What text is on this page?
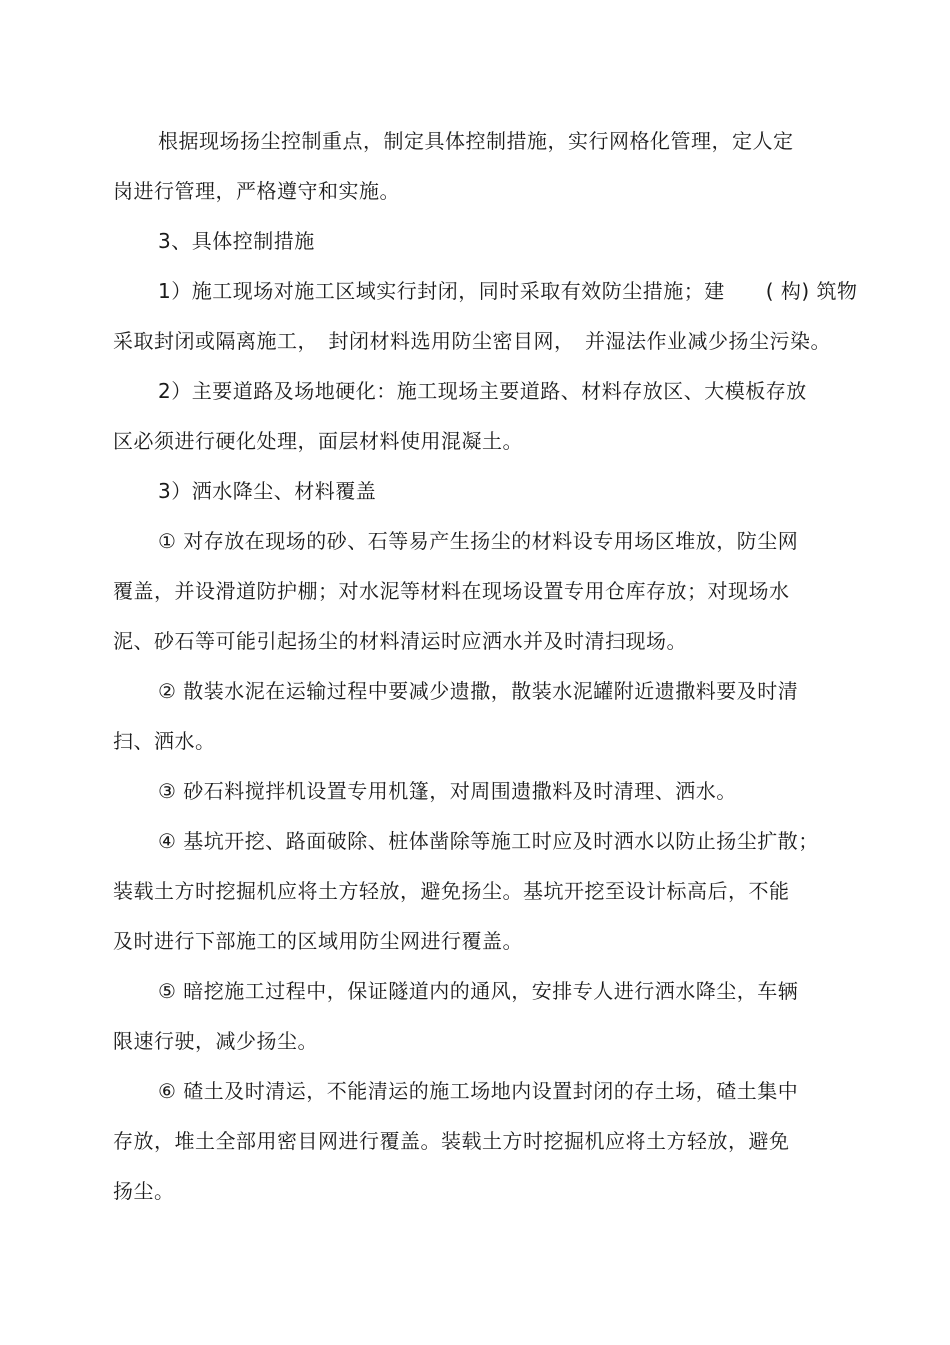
根据现场扬尘控制重点，制定具体控制措施，实行网格化管理，定人定
岗进行管理，严格遵守和实施。
3、具体控制措施
1）施工现场对施工区域实行封闭，同时采取有效防尘措施；建　　( 构) 筑物
采取封闭或隔离施工，　封闭材料选用防尘密目网，　并湿法作业减少扬尘污染。
2）主要道路及场地硬化：施工现场主要道路、材料存放区、大模板存放
区必须进行硬化处理，面层材料使用混凝土。
3）洒水降尘、材料覆盖
① 对存放在现场的砂、石等易产生扬尘的材料设专用场区堆放，防尘网
覆盖，并设滑道防护棚；对水泥等材料在现场设置专用仓库存放；对现场水
泥、砂石等可能引起扬尘的材料清运时应洒水并及时清扫现场。
② 散装水泥在运输过程中要减少遗撒，散装水泥罐附近遗撒料要及时清
扫、洒水。
③ 砂石料搅拌机设置专用机篷，对周围遗撒料及时清理、洒水。
④ 基坑开挖、路面破除、桩体凿除等施工时应及时洒水以防止扬尘扩散；
装载土方时挖掘机应将土方轻放，避免扬尘。基坑开挖至设计标高后，不能
及时进行下部施工的区域用防尘网进行覆盖。
⑤ 暗挖施工过程中，保证隧道内的通风，安排专人进行洒水降尘，车辆
限速行驶，减少扬尘。
⑥ 碴土及时清运，不能清运的施工场地内设置封闭的存土场，碴土集中
存放，堆土全部用密目网进行覆盖。装载土方时挖掘机应将土方轻放，避免
扬尘。
